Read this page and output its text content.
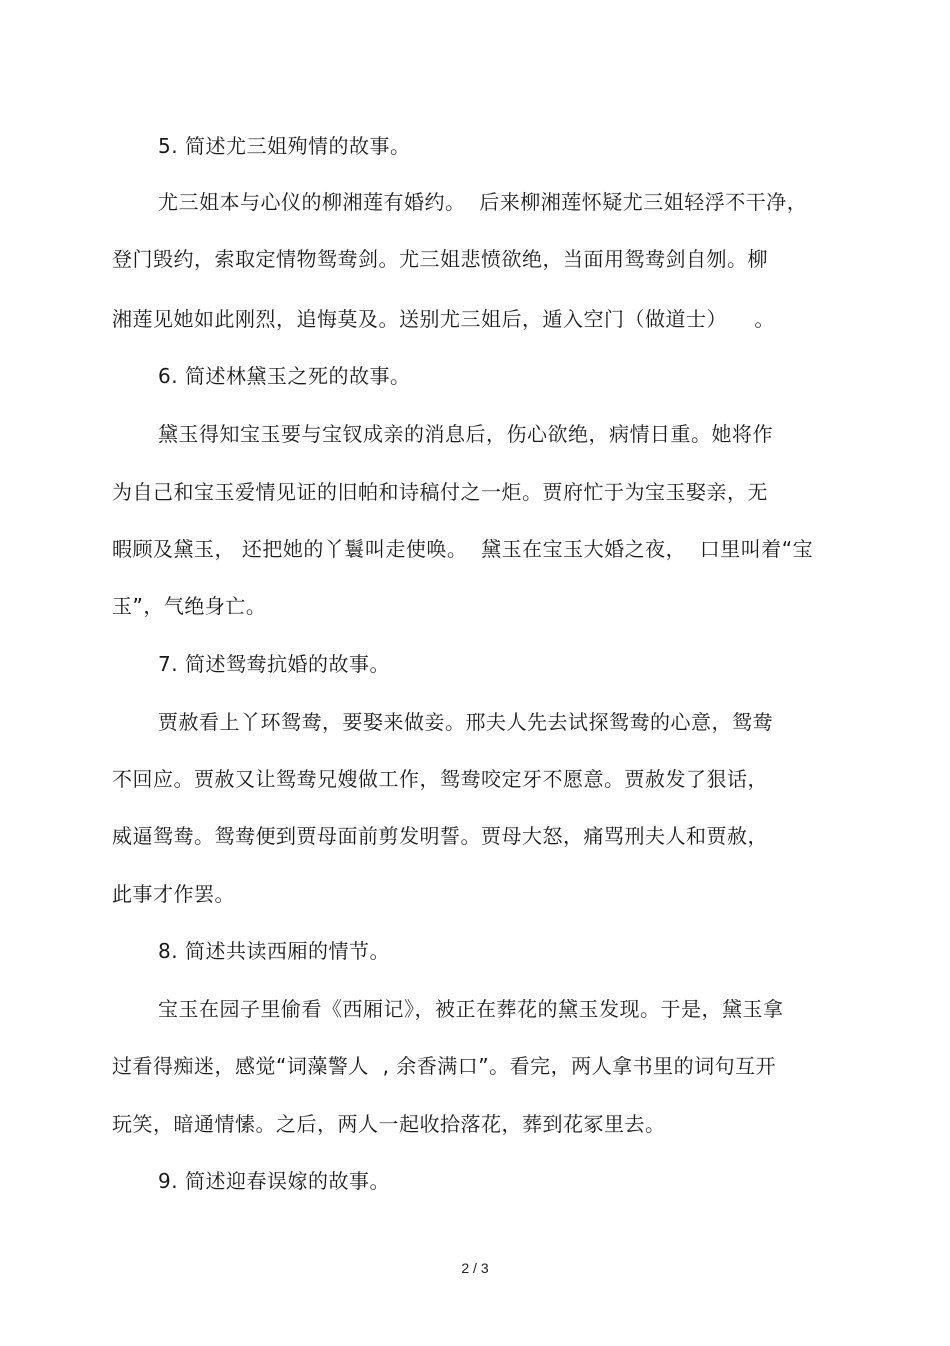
5. 简述尤三姐殉情的故事。
尤三姐本与心仪的柳湘莲有婚约。  后来柳湘莲怀疑尤三姐轻浮不干净，
登门毁约，索取定情物鸳鸯剑。尤三姐悲愤欲绝，当面用鸳鸯剑自刎。柳
湘莲见她如此刚烈，追悔莫及。送别尤三姐后，遁入空门（做道士）    。
6. 简述林黛玉之死的故事。
黛玉得知宝玉要与宝钗成亲的消息后，伤心欲绝，病情日重。她将作
为自己和宝玉爱情见证的旧帕和诗稿付之一炬。贾府忙于为宝玉娶亲，无
暇顾及黛玉， 还把她的丫鬟叫走使唤。  黛玉在宝玉大婚之夜，  口里叫着“宝
玉”，气绝身亡。
7. 简述鸳鸯抗婚的故事。
贾赦看上丫环鸳鸯，要娶来做妾。邢夫人先去试探鸳鸯的心意，鸳鸯
不回应。贾赦又让鸳鸯兄嫂做工作，鸳鸯咬定牙不愿意。贾赦发了狠话，
威逼鸳鸯。鸳鸯便到贾母面前剪发明誓。贾母大怒，痛骂刑夫人和贾赦，
此事才作罢。
8. 简述共读西厢的情节。
宝玉在园子里偷看《西厢记》，被正在葬花的黛玉发现。于是，黛玉拿
过看得痴迷，感觉“词藻警人  , 余香满口”。看完，两人拿书里的词句互开
玩笑，暗通情愫。之后，两人一起收拾落花，葬到花冢里去。
9. 简述迎春误嫁的故事。
2 / 3
